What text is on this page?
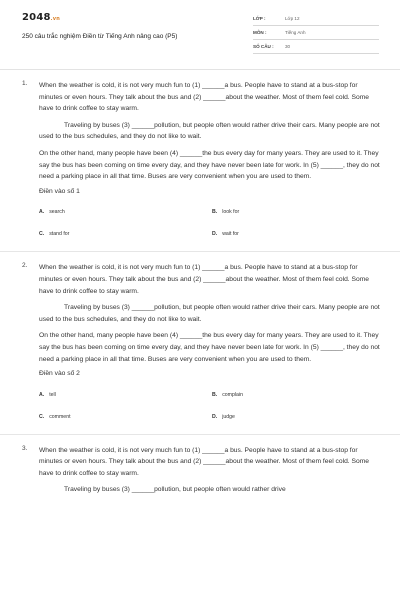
2048.vn
250 câu trắc nghiệm Điền từ Tiếng Anh nâng cao (P5)
LỚP :	Lớp 12
MÔN :	Tiếng Anh
SỐ CÂU : 30
1. When the weather is cold, it is not very much fun to (1) ______a bus. People have to stand at a bus-stop for minutes or even hours. They talk about the bus and (2) ______about the weather. Most of them feel cold. Some have to drink coffee to stay warm.

Traveling by buses (3) ______pollution, but people often would rather drive their cars. Many people are not used to the bus schedules, and they do not like to wait.

On the other hand, many people have been (4) ______the bus every day for many years. They are used to it. They say the bus has been coming on time every day, and they have never been late for work. In (5) ______, they do not need a parking place in all that time. Buses are very convenient when you are used to them.

Điền vào số 1
A. search	B. look for
C. stand for	D. wait for
2. When the weather is cold, it is not very much fun to (1) ______a bus. People have to stand at a bus-stop for minutes or even hours. They talk about the bus and (2) ______about the weather. Most of them feel cold. Some have to drink coffee to stay warm.

Traveling by buses (3) ______pollution, but people often would rather drive their cars. Many people are not used to the bus schedules, and they do not like to wait.

On the other hand, many people have been (4) ______the bus every day for many years. They are used to it. They say the bus has been coming on time every day, and they have never been late for work. In (5) ______, they do not need a parking place in all that time. Buses are very convenient when you are used to them.

Điền vào số 2
A. tell	B. complain
C. comment	D. judge
3. When the weather is cold, it is not very much fun to (1) ______a bus. People have to stand at a bus-stop for minutes or even hours. They talk about the bus and (2) ______about the weather. Most of them feel cold. Some have to drink coffee to stay warm.

Traveling by buses (3) ______pollution, but people often would rather drive
